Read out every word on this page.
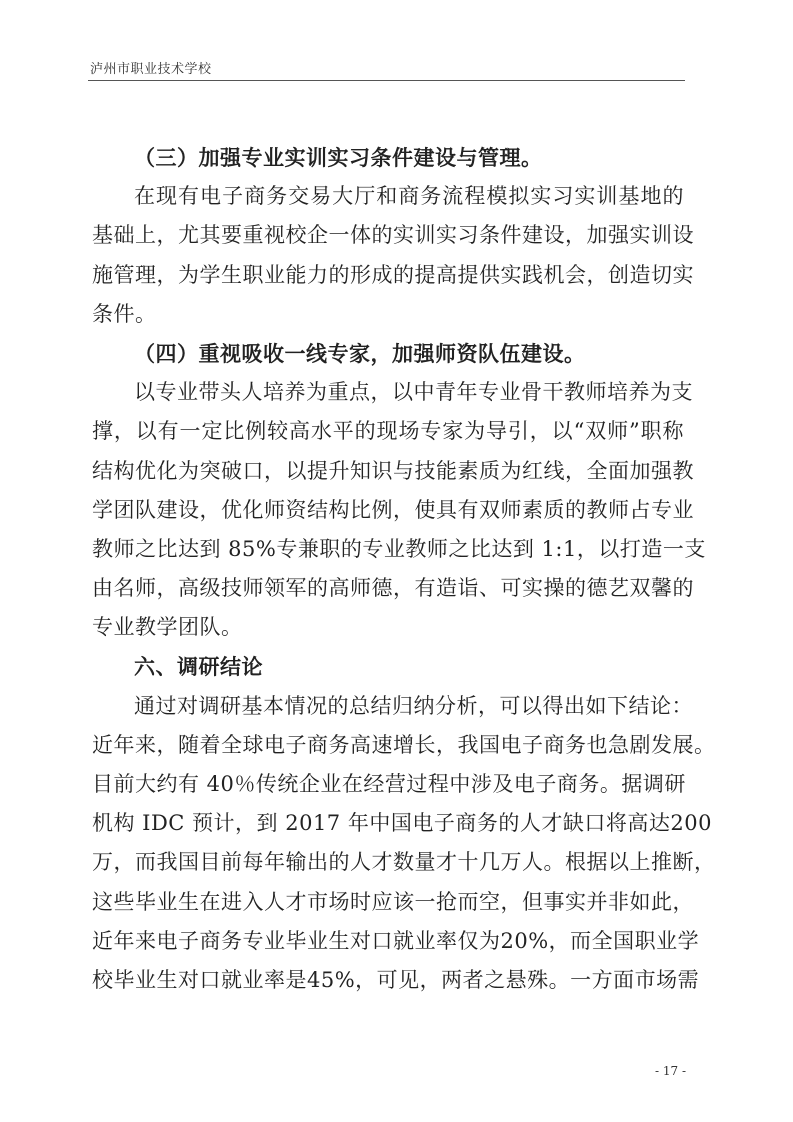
泸州市职业技术学校
（三）加强专业实训实习条件建设与管理。
在现有电子商务交易大厅和商务流程模拟实习实训基地的
基础上，尤其要重视校企一体的实训实习条件建设，加强实训设
施管理，为学生职业能力的形成的提高提供实践机会，创造切实
条件。
（四）重视吸收一线专家，加强师资队伍建设。
以专业带头人培养为重点，以中青年专业骨干教师培养为支
撑，以有一定比例较高水平的现场专家为导引，以“双师”职称
结构优化为突破口，以提升知识与技能素质为红线，全面加强教
学团队建设，优化师资结构比例，使具有双师素质的教师占专业
教师之比达到 85%专兼职的专业教师之比达到 1:1，以打造一支
由名师，高级技师领军的高师德，有造诣、可实操的德艺双馨的
专业教学团队。
六、调研结论
通过对调研基本情况的总结归纳分析，可以得出如下结论：
近年来，随着全球电子商务高速增长，我国电子商务也急剧发展。
目前大约有 40％传统企业在经营过程中涉及电子商务。据调研
机构 IDC 预计，到 2017 年中国电子商务的人才缺口将高达200
万，而我国目前每年输出的人才数量才十几万人。根据以上推断，
这些毕业生在进入人才市场时应该一抢而空，但事实并非如此，
近年来电子商务专业毕业生对口就业率仅为20%，而全国职业学
校毕业生对口就业率是45%，可见，两者之悬殊。一方面市场需
- 17 -
